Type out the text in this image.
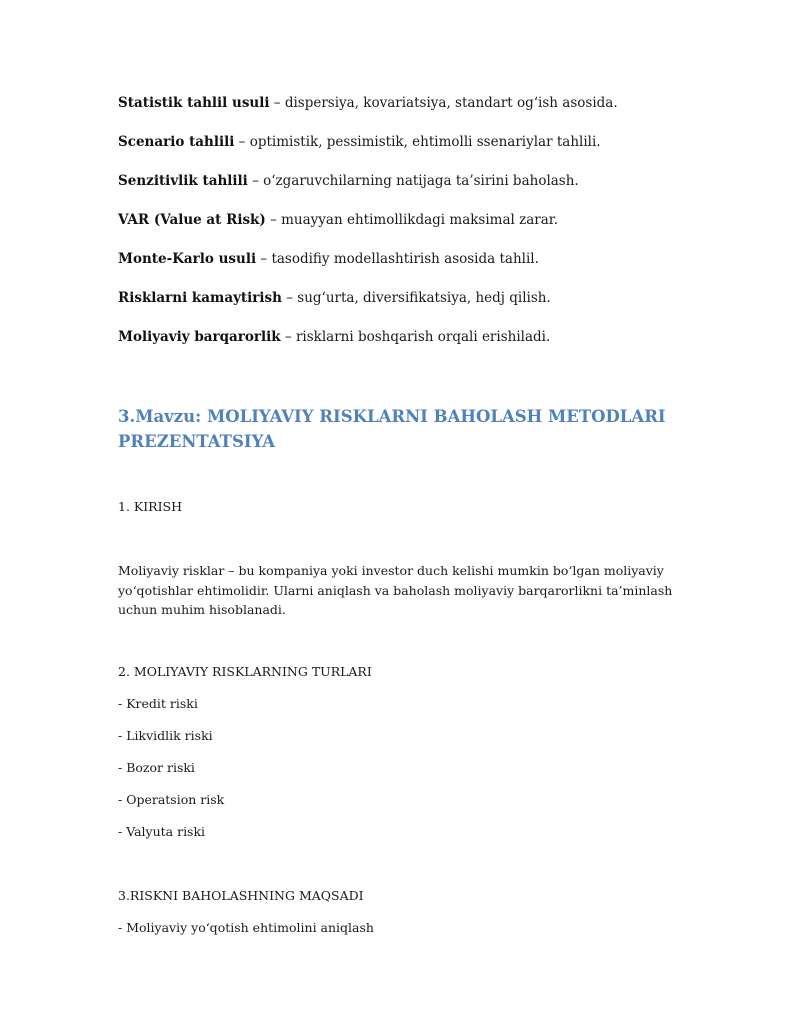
Statistik tahlil usuli – dispersiya, kovariatsiya, standart og‘ish asosida.
Scenario tahlili – optimistik, pessimistik, ehtimolli ssenariylar tahlili.
Senzitivlik tahlili – o‘zgaruvchilarning natijaga ta’sirini baholash.
VAR (Value at Risk) – muayyan ehtimollikdagi maksimal zarar.
Monte-Karlo usuli – tasodifiy modellashtirish asosida tahlil.
Risklarni kamaytirish – sug‘urta, diversifikatsiya, hedj qilish.
Moliyaviy barqarorlik – risklarni boshqarish orqali erishiladi.
3.Mavzu: MOLIYAVIY RISKLARNI BAHOLASH METODLARI PREZENTATSIYA
1. KIRISH
Moliyaviy risklar – bu kompaniya yoki investor duch kelishi mumkin bo‘lgan moliyaviy yo‘qotishlar ehtimolidir. Ularni aniqlash va baholash moliyaviy barqarorlikni ta’minlash uchun muhim hisoblanadi.
2. MOLIYAVIY RISKLARNING TURLARI
- Kredit riski
- Likvidlik riski
- Bozor riski
- Operatsion risk
- Valyuta riski
3.RISKNI BAHOLASHNING MAQSADI
- Moliyaviy yo‘qotish ehtimolini aniqlash
